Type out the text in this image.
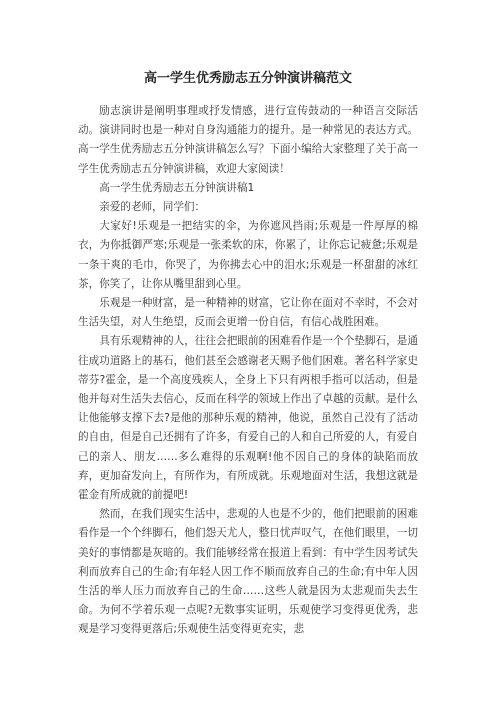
高一学生优秀励志五分钟演讲稿范文

励志演讲是阐明事理或抒发情感，进行宣传鼓动的一种语言交际活动。演讲同时也是一种对自身沟通能力的提升。是一种常见的表达方式。高一学生优秀励志五分钟演讲稿怎么写？下面小编给大家整理了关于高一学生优秀励志五分钟演讲稿，欢迎大家阅读！

高一学生优秀励志五分钟演讲稿1

亲爱的老师，同学们：

大家好!乐观是一把结实的伞，为你遮风挡雨;乐观是一件厚厚的棉衣，为你抵御严寒;乐观是一张柔软的床，你累了，让你忘记疲惫;乐观是一条干爽的毛巾，你哭了，为你拂去心中的泪水;乐观是一杯甜甜的冰红茶，你笑了，让你从嘴里甜到心里。

乐观是一种财富，是一种精神的财富，它让你在面对不幸时，不会对生活失望，对人生绝望，反而会更增一份自信，有信心战胜困难。

具有乐观精神的人，往往会把眼前的困难看作是一个个垫脚石，是通往成功道路上的基石，他们甚至会感谢老天赐予他们困难。著名科学家史蒂芬?霍金，是一个高度残疾人，全身上下只有两根手指可以活动，但是他并每对生活失去信心，反而在科学的领域上作出了卓越的贡献。是什么让他能够支撑下去?是他的那种乐观的精神，他说，虽然自己没有了活动的自由，但是自己还拥有了许多，有爱自己的人和自己所爱的人，有爱自己的亲人、朋友……多么难得的乐观啊!他不因自己的身体的缺陷而放弃，更加奋发向上，有所作为，有所成就。乐观地面对生活，我想这就是霍金有所成就的前提吧!

然而，在我们现实生活中，悲观的人也是不少的，他们把眼前的困难看作是一个个绊脚石，他们怨天尤人，整日忧声叹气，在他们眼里，一切美好的事情都是灰暗的。我们能够经常在报道上看到：有中学生因考试失利而放弃自己的生命;有年轻人因工作不顺而放弃自己的生命;有中年人因生活的举人压力而放弃自己的生命……这些人就是因为太悲观而失去生命。为何不学着乐观一点呢?无数事实证明，乐观使学习变得更优秀，悲观是学习变得更落后;乐观使生活变得更充实，悲
